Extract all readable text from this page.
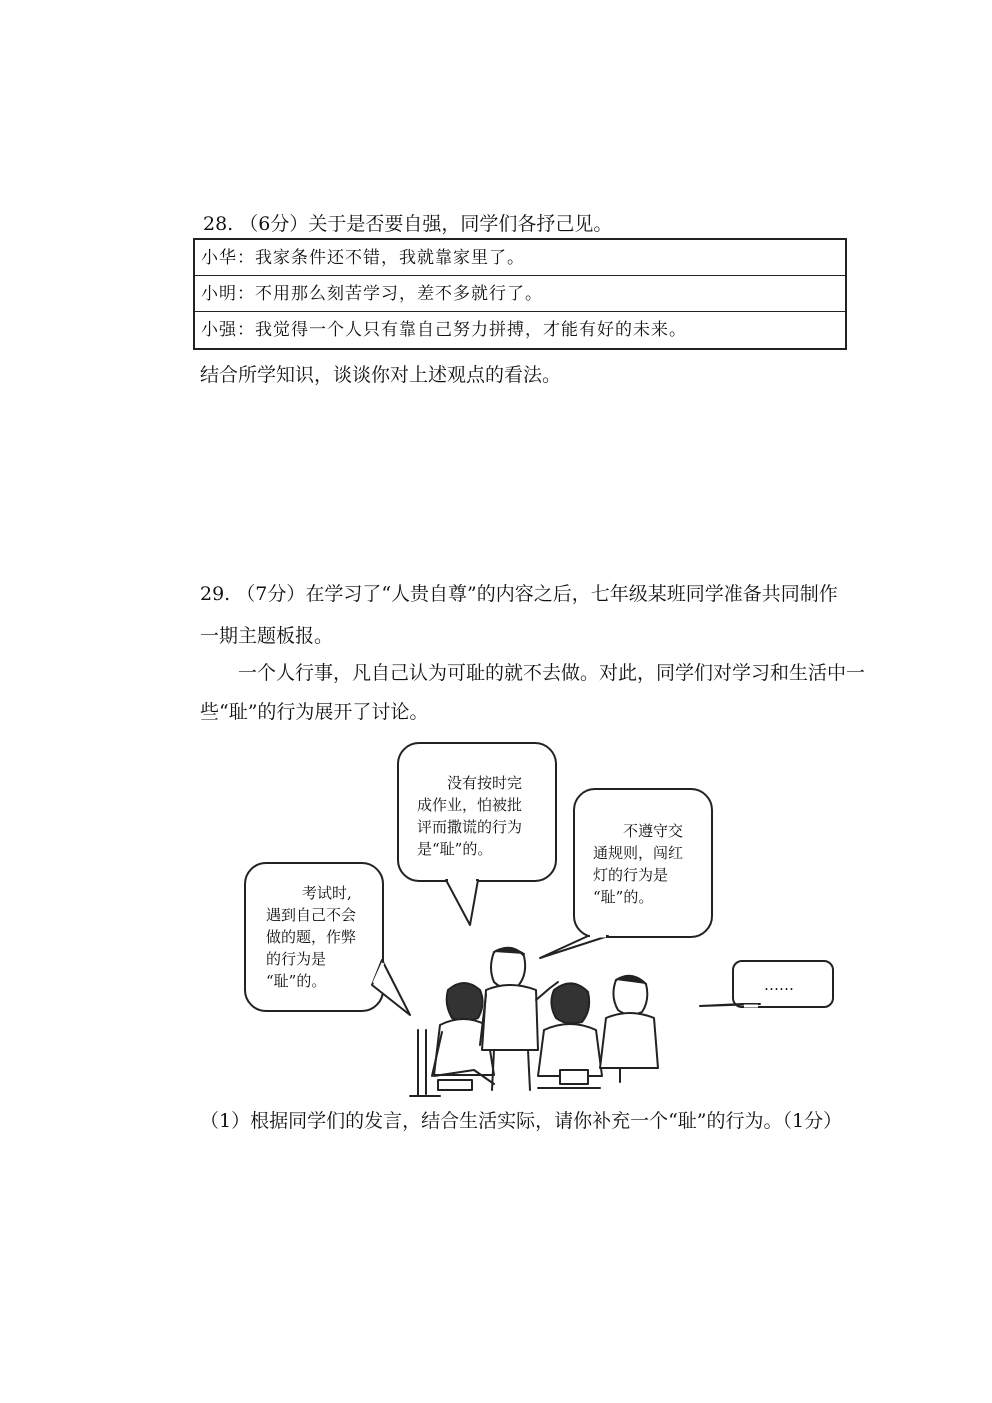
28. （6分）关于是否要自强，同学们各抒己见。
小华：我家条件还不错，我就靠家里了。
小明：不用那么刻苦学习，差不多就行了。
小强：我觉得一个人只有靠自己努力拼搏，才能有好的未来。
结合所学知识，谈谈你对上述观点的看法。
29. （7分）在学习了“人贵自尊”的内容之后，七年级某班同学准备共同制作
一期主题板报。
一个人行事，凡自己认为可耻的就不去做。对此，同学们对学习和生活中一
些“耻”的行为展开了讨论。
没有按时完
成作业，怕被批
评而撒谎的行为
是“耻”的。
不遵守交
通规则，闯红
灯的行为是
“耻”的。
考试时,
遇到自己不会
做的题，作弊
的行为是
“耻”的。	……
（1）根据同学们的发言，结合生活实际，请你补充一个“耻”的行为。（1分）
